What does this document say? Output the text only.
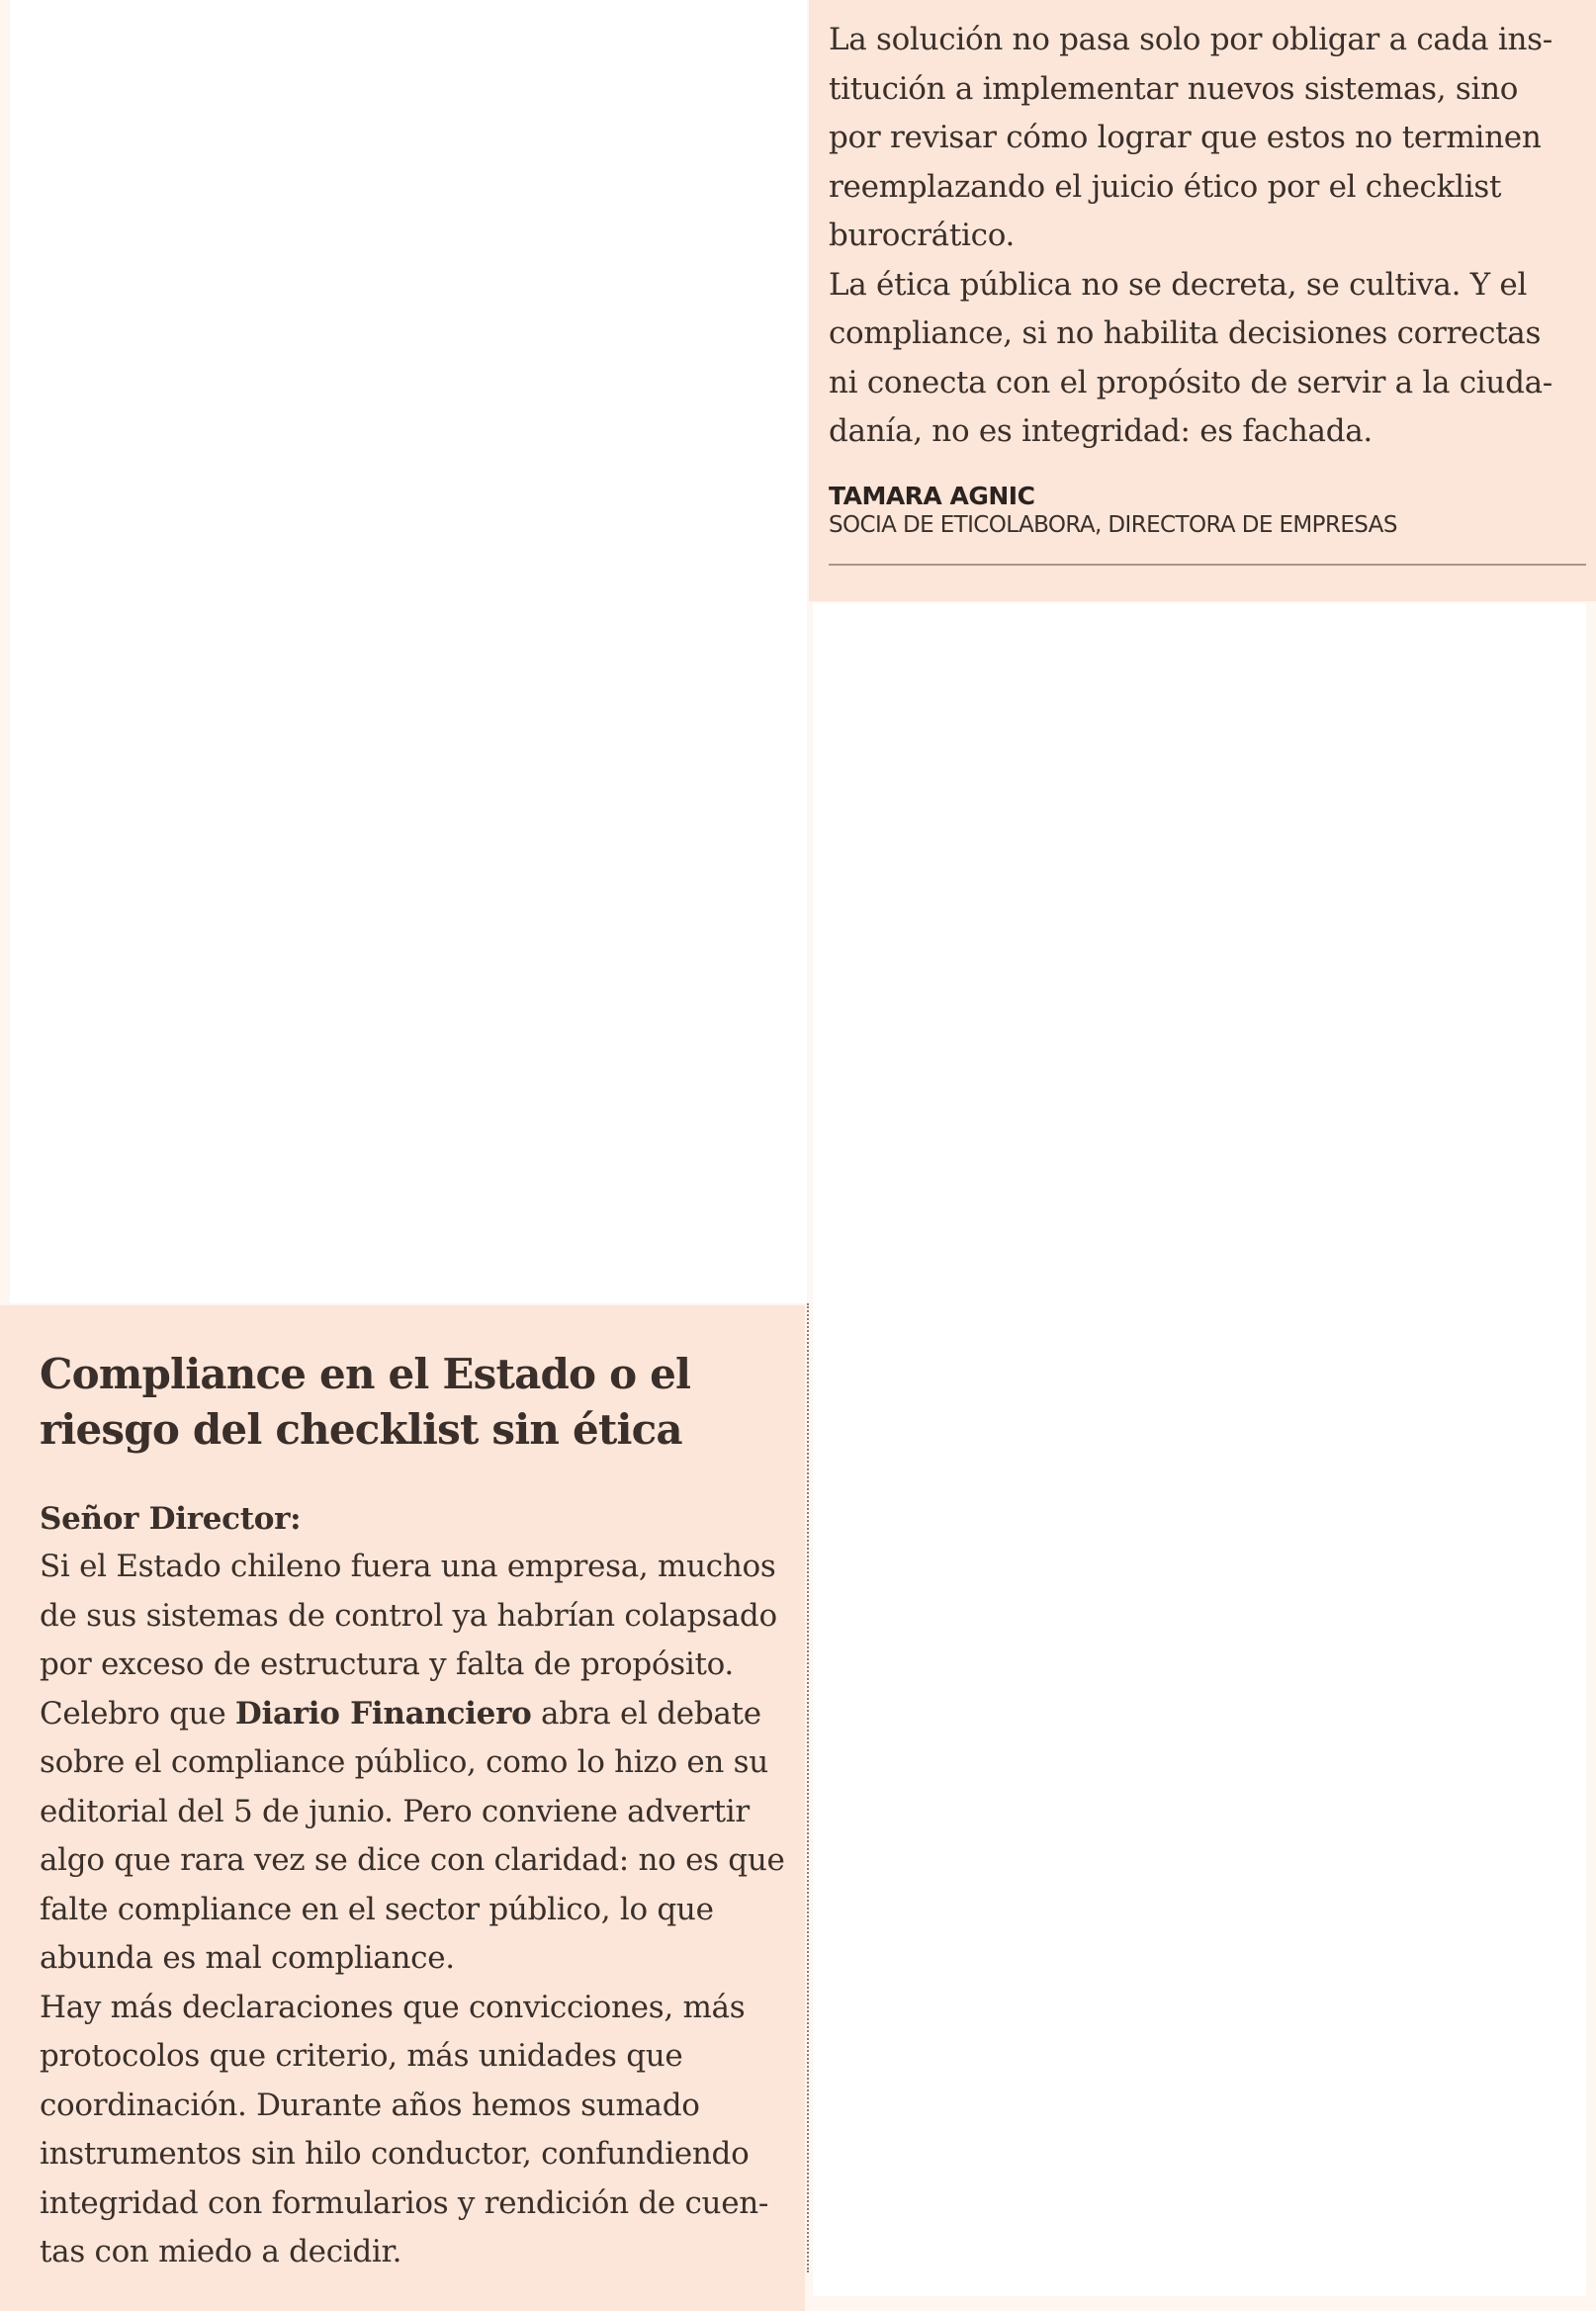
La solución no pasa solo por obligar a cada ins-
titución a implementar nuevos sistemas, sino
por revisar cómo lograr que estos no terminen
reemplazando el juicio ético por el checklist
burocrático.
La ética pública no se decreta, se cultiva. Y el
compliance, si no habilita decisiones correctas
ni conecta con el propósito de servir a la ciuda-
danía, no es integridad: es fachada.
TAMARA AGNIC
SOCIA DE ETICOLABORA, DIRECTORA DE EMPRESAS
Compliance en el Estado o el
riesgo del checklist sin ética

Señor Director:

Si el Estado chileno fuera una empresa, muchos
de sus sistemas de control ya habrían colapsado
por exceso de estructura y falta de propósito.
Celebro que Diario Financiero abra el debate
sobre el compliance público, como lo hizo en su
editorial del 5 de junio. Pero conviene advertir
algo que rara vez se dice con claridad: no es que
falte compliance en el sector público, lo que
abunda es mal compliance.
Hay más declaraciones que convicciones, más
protocolos que criterio, más unidades que
coordinación. Durante años hemos sumado
instrumentos sin hilo conductor, confundiendo
integridad con formularios y rendición de cuen-
tas con miedo a decidir.
